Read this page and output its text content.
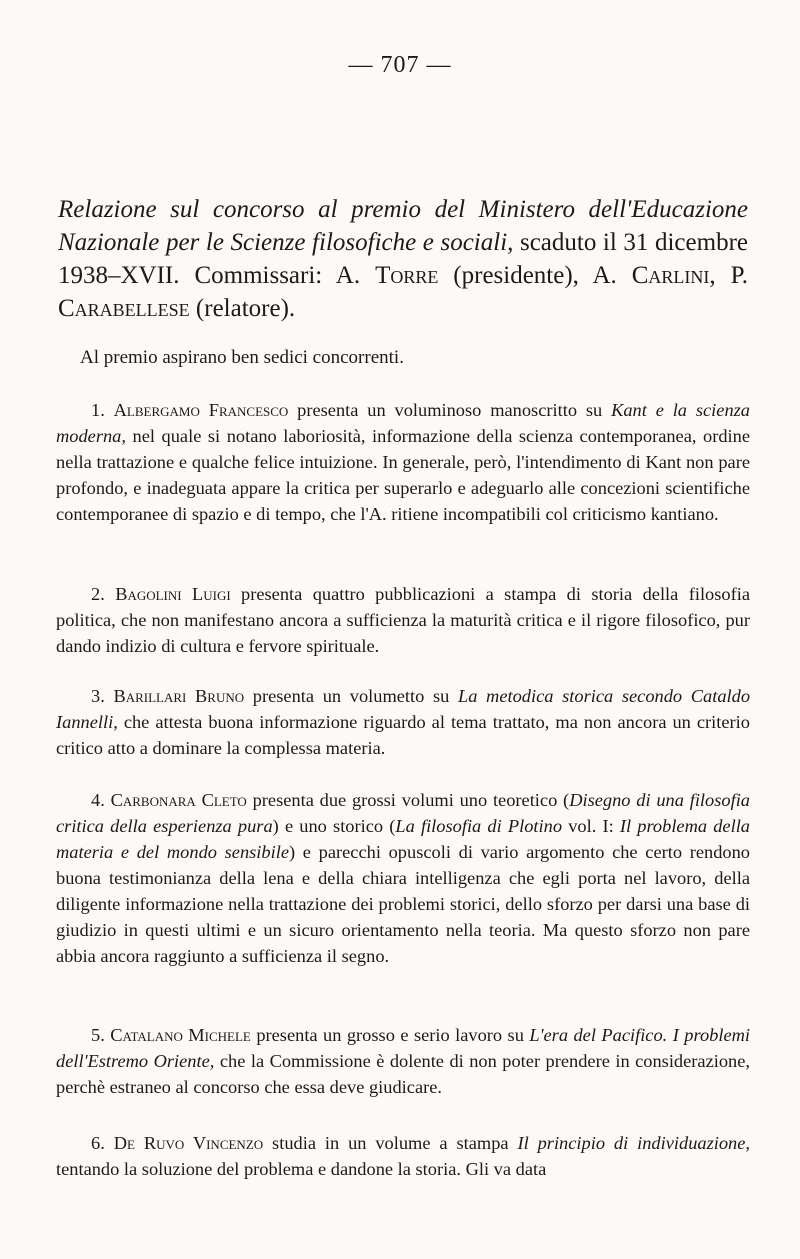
— 707 —
Relazione sul concorso al premio del Ministero dell'Educazione Nazionale per le Scienze filosofiche e sociali, scaduto il 31 dicembre 1938–XVII. Commissari: A. Torre (presidente), A. Carlini, P. Carabellese (relatore).
Al premio aspirano ben sedici concorrenti.

1. Albergamo Francesco presenta un voluminoso manoscritto su Kant e la scienza moderna, nel quale si notano laboriosità, informazione della scienza contemporanea, ordine nella trattazione e qualche felice intuizione. In generale, però, l'intendimento di Kant non pare profondo, e inadeguata appare la critica per superarlo e adeguarlo alle concezioni scientifiche contemporanee di spazio e di tempo, che l'A. ritiene incompatibili col criticismo kantiano.

2. Bagolini Luigi presenta quattro pubblicazioni a stampa di storia della filosofia politica, che non manifestano ancora a sufficienza la maturità critica e il rigore filosofico, pur dando indizio di cultura e fervore spirituale.

3. Barillari Bruno presenta un volumetto su La metodica storica secondo Cataldo Iannelli, che attesta buona informazione riguardo al tema trattato, ma non ancora un criterio critico atto a dominare la complessa materia.

4. Carbonara Cleto presenta due grossi volumi uno teoretico (Disegno di una filosofia critica della esperienza pura) e uno storico (La filosofia di Plotino vol. I: Il problema della materia e del mondo sensibile) e parecchi opuscoli di vario argomento che certo rendono buona testimonianza della lena e della chiara intelligenza che egli porta nel lavoro, della diligente informazione nella trattazione dei problemi storici, dello sforzo per darsi una base di giudizio in questi ultimi e un sicuro orientamento nella teoria. Ma questo sforzo non pare abbia ancora raggiunto a sufficienza il segno.

5. Catalano Michele presenta un grosso e serio lavoro su L'era del Pacifico. I problemi dell'Estremo Oriente, che la Commissione è dolente di non poter prendere in considerazione, perchè estraneo al concorso che essa deve giudicare.

6. De Ruvo Vincenzo studia in un volume a stampa Il principio di individuazione, tentando la soluzione del problema e dandone la storia. Gli va data
